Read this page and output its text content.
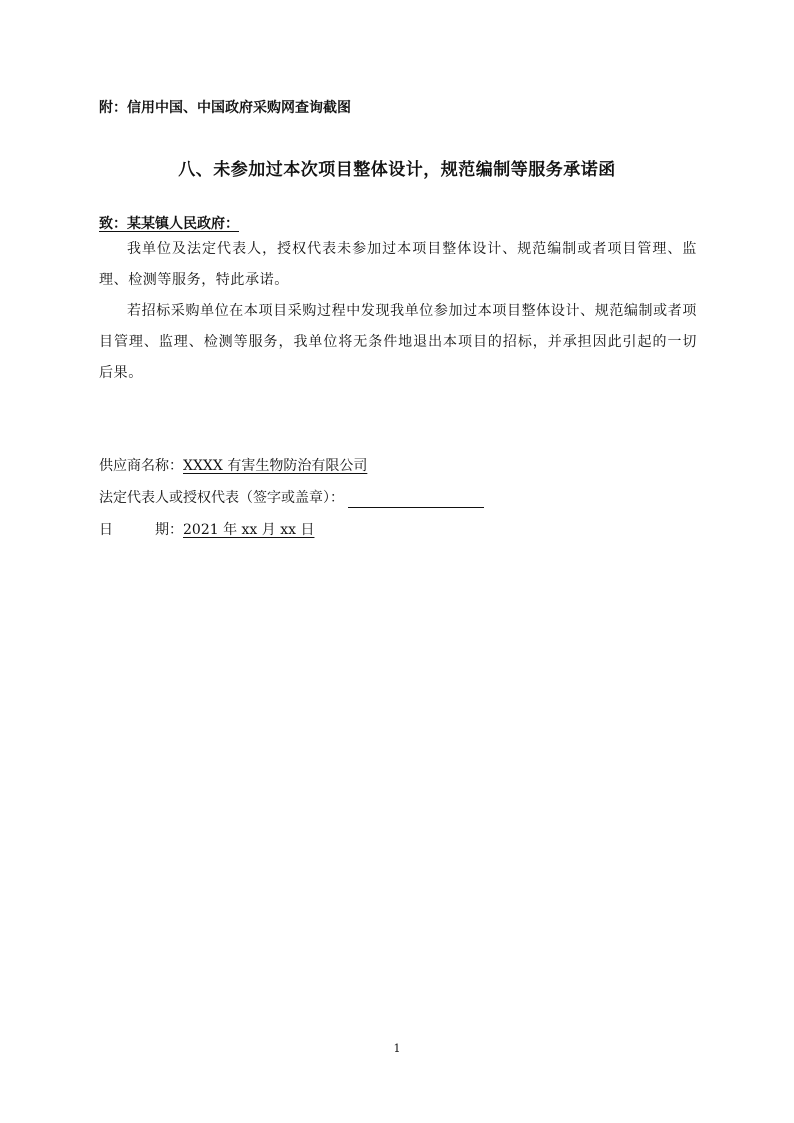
附：信用中国、中国政府采购网查询截图
八、未参加过本次项目整体设计，规范编制等服务承诺函
致：某某镇人民政府：
我单位及法定代表人，授权代表未参加过本项目整体设计、规范编制或者项目管理、监理、检测等服务，特此承诺。
若招标采购单位在本项目采购过程中发现我单位参加过本项目整体设计、规范编制或者项目管理、监理、检测等服务，我单位将无条件地退出本项目的招标，并承担因此引起的一切后果。
供应商名称：XXXX 有害生物防治有限公司
法定代表人或授权代表（签字或盖章）：
日	期：2021 年 xx 月 xx 日
1
